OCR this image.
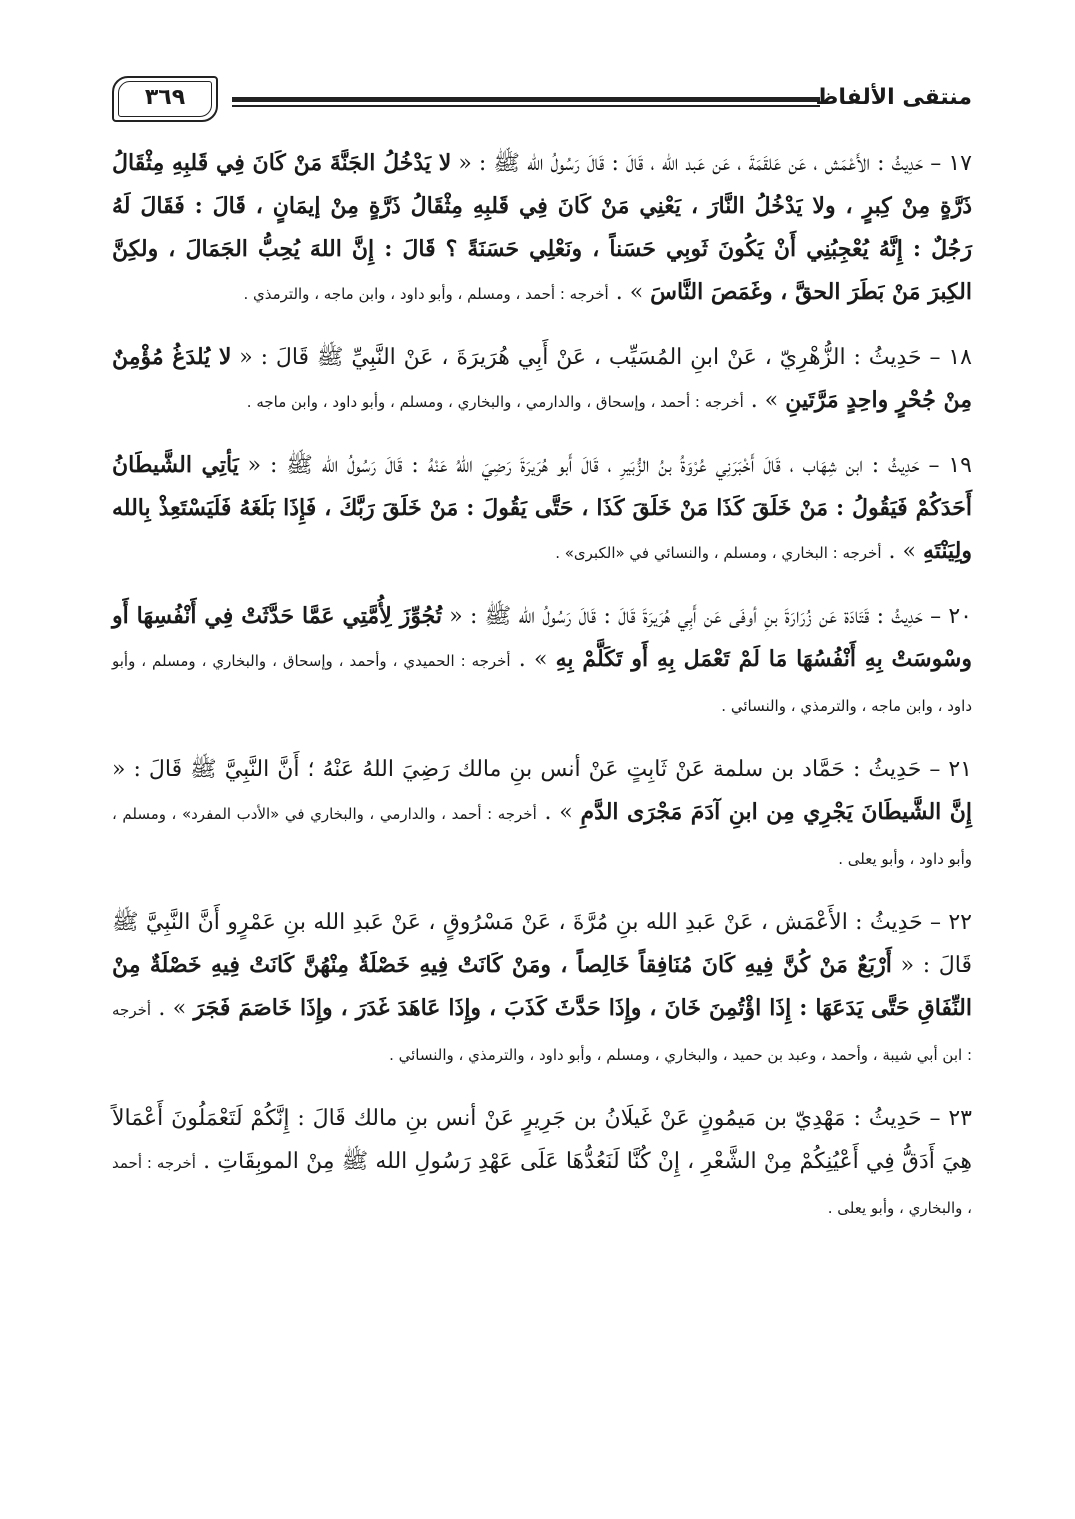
٣٦٩	منتقى الألفاظ

١٧ – حَدِيثُ : الأَعْمَش ، عَن عَلقَمَةَ ، عَن عَبد الله ، قَالَ : قَالَ رَسُولُ الله ﷺ : « لا يَدْخُلُ الجَنَّةَ مَنْ كَانَ فِي قَلبِهِ مِثْقَالُ ذَرَّةٍ مِنْ كِبرٍ ، ولا يَدْخُلُ النَّارَ ، يَعْنِي مَنْ كَانَ فِي قَلبِهِ مِثْقَالُ ذَرَّةٍ مِنْ إيمَانٍ ، قَالَ : فَقَالَ لَهُ رَجُلٌ : إِنَّهُ يُعْجِبُنِي أَنْ يَكُونَ ثَوبِي حَسَناً ، ونَعْلِي حَسَنَةً ؟ قَالَ : إِنَّ اللهَ يُحِبُّ الجَمَالَ ، ولكِنَّ الكِبرَ مَنْ بَطَرَ الحقَّ ، وغَمَصَ النَّاسَ » . أخرجه : أحمد ، ومسلم ، وأبو داود ، وابن ماجه ، والترمذي .

١٨ – حَدِيثُ : الزُّهْرِيّ ، عَنْ ابنِ المُسَيِّب ، عَنْ أَبِي هُرَيرَةَ ، عَنْ النَّبِيِّ ﷺ قَالَ : « لا يُلدَغُ مُؤْمِنٌ مِنْ جُحْرٍ واحِدٍ مَرَّتَينِ » . أخرجه : أحمد ، وإسحاق ، والدارمي ، والبخاري ، ومسلم ، وأبو داود ، وابن ماجه .

١٩ – حَدِيثُ : ابن شِهَاب ، قَالَ أَخْبَرَنِي عُرْوَةُ بنُ الزُّبَيرِ ، قَالَ أَبو هُرَيرَةَ رَضِيَ اللهُ عَنْهُ : قَالَ رَسُولُ الله ﷺ : « يَأتِي الشَّيطَانُ أَحَدَكُمْ فَيَقُولُ : مَنْ خَلَقَ كَذَا مَنْ خَلَقَ كَذَا ، حَتَّى يَقُولَ : مَنْ خَلَقَ رَبَّكَ ، فَإِذَا بَلَغَهُ فَلَيَسْتَعِذْ بِالله ولِيَنْتَهِ » . أخرجه : البخاري ، ومسلم ، والنسائي في «الكبرى» .

٢٠ – حَدِيثُ : قَتَادَة عَن زُرَارَةَ بنِ أوفَى عَن أَبِي هُرَيرَةَ قَالَ : قَالَ رَسُولُ الله ﷺ : « تُجُوِّزَ لِأُمَّتِي عَمَّا حَدَّثَتْ فِي أَنْفُسِهَا أَو وسْوسَتْ بِهِ أَنْفُسُهَا مَا لَمْ تَعْمَل بِهِ أَو تَكَلَّمْ بِهِ » . أخرجه : الحميدي ، وأحمد ، وإسحاق ، والبخاري ، ومسلم ، وأبو داود ، وابن ماجه ، والترمذي ، والنسائي .

٢١ – حَدِيثُ : حَمَّاد بن سلمة عَنْ ثَابِتٍ عَنْ أنس بنِ مالك رَضِيَ اللهُ عَنْهُ ؛ أَنَّ النَّبِيَّ ﷺ قَالَ : « إِنَّ الشَّيطَانَ يَجْرِي مِن ابنِ آدَمَ مَجْرَى الدَّمِ » . أخرجه : أحمد ، والدارمي ، والبخاري في «الأدب المفرد» ، ومسلم ، وأبو داود ، وأبو يعلى .

٢٢ – حَدِيثُ : الأَعْمَش ، عَنْ عَبدِ الله بنِ مُرَّةَ ، عَنْ مَسْرُوقٍ ، عَنْ عَبدِ الله بنِ عَمْرٍو أَنَّ النَّبِيَّ ﷺ قَالَ : « أَرْبَعٌ مَنْ كُنَّ فِيهِ كَانَ مُنَافِقاً خَالِصاً ، ومَنْ كَانَتْ فِيهِ خَصْلَةٌ مِنْهُنَّ كَانَتْ فِيهِ خَصْلَةٌ مِنْ النِّفَاقِ حَتَّى يَدَعَهَا : إِذَا اؤْتُمِنَ خَانَ ، وإِذَا حَدَّثَ كَذَبَ ، وإِذَا عَاهَدَ غَدَرَ ، وإِذَا خَاصَمَ فَجَرَ » . أخرجه : ابن أبي شيبة ، وأحمد ، وعبد بن حميد ، والبخاري ، ومسلم ، وأبو داود ، والترمذي ، والنسائي .

٢٣ – حَدِيثُ : مَهْدِيّ بن مَيمُونٍ عَنْ غَيلَانُ بن جَرِيرٍ عَنْ أنس بنِ مالك قَالَ : إِنَّكُمْ لَتَعْمَلُونَ أَعْمَالاً هِيَ أَدَقُّ فِي أَعْيُنِكُمْ مِنْ الشَّعْرِ ، إِنْ كُنَّا لَنَعُدُّهَا عَلَى عَهْدِ رَسُولِ الله ﷺ مِنْ الموبِقَاتِ . أخرجه : أحمد ، والبخاري ، وأبو يعلى .
